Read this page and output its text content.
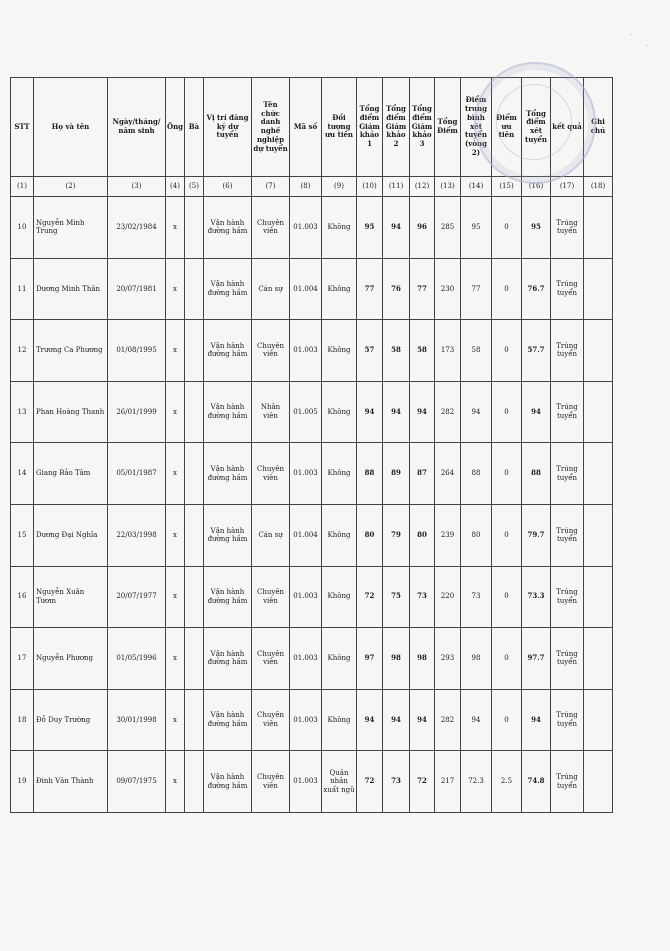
·
·
STT	Họ và tên	Ngày/tháng/ năm sinh	Ông	Bà	Vị trí đăng ký dự tuyển	Tên chức danh nghề nghiệp dự tuyển	Mã số	Đối tượng ưu tiên	Tổng điểm Giám khảo 1	Tổng điểm Giám khảo 2	Tổng điểm Giám khảo 3	Tổng Điểm	Điểm trung bình xét tuyển (vòng 2)	Điểm ưu tiên	Tổng điểm xét tuyển	kết quả	Ghi chú
(1)	(2)	(3)	(4)	(5)	(6)	(7)	(8)	(9)	(10)	(11)	(12)	(13)	(14)	(15)	(16)	(17)	(18)
10	Nguyễn Minh Trung	23/02/1984	x		Vận hành đường hầm	Chuyên viên	01.003	Không	95	94	96	285	95	0	95	Trúng tuyển	
11	Dương Minh Thân	20/07/1981	x		Vận hành đường hầm	Cán sự	01.004	Không	77	76	77	230	77	0	76.7	Trúng tuyển	
12	Trương Ca Phương	01/08/1995	x		Vận hành đường hầm	Chuyên viên	01.003	Không	57	58	58	173	58	0	57.7	Trúng tuyển	
13	Phan Hoàng Thanh	26/01/1999	x		Vận hành đường hầm	Nhân viên	01.005	Không	94	94	94	282	94	0	94	Trúng tuyển	
14	Giang Bảo Tâm	05/01/1987	x		Vận hành đường hầm	Chuyên viên	01.003	Không	88	89	87	264	88	0	88	Trúng tuyển	
15	Dương Đại Nghĩa	22/03/1998	x		Vận hành đường hầm	Cán sự	01.004	Không	80	79	80	239	80	0	79.7	Trúng tuyển	
16	Nguyễn Xuân Tươm	20/07/1977	x		Vận hành đường hầm	Chuyên viên	01.003	Không	72	75	73	220	73	0	73.3	Trúng tuyển	
17	Nguyễn Phương	01/05/1996	x		Vận hành đường hầm	Chuyên viên	01.003	Không	97	98	98	293	98	0	97.7	Trúng tuyển	
18	Đỗ Duy Trường	30/01/1998	x		Vận hành đường hầm	Chuyên viên	01.003	Không	94	94	94	282	94	0	94	Trúng tuyển	
19	Đinh Văn Thành	09/07/1975	x		Vận hành đường hầm	Chuyên viên	01.003	Quân nhân xuất ngũ	72	73	72	217	72.3	2.5	74.8	Trúng tuyển	
